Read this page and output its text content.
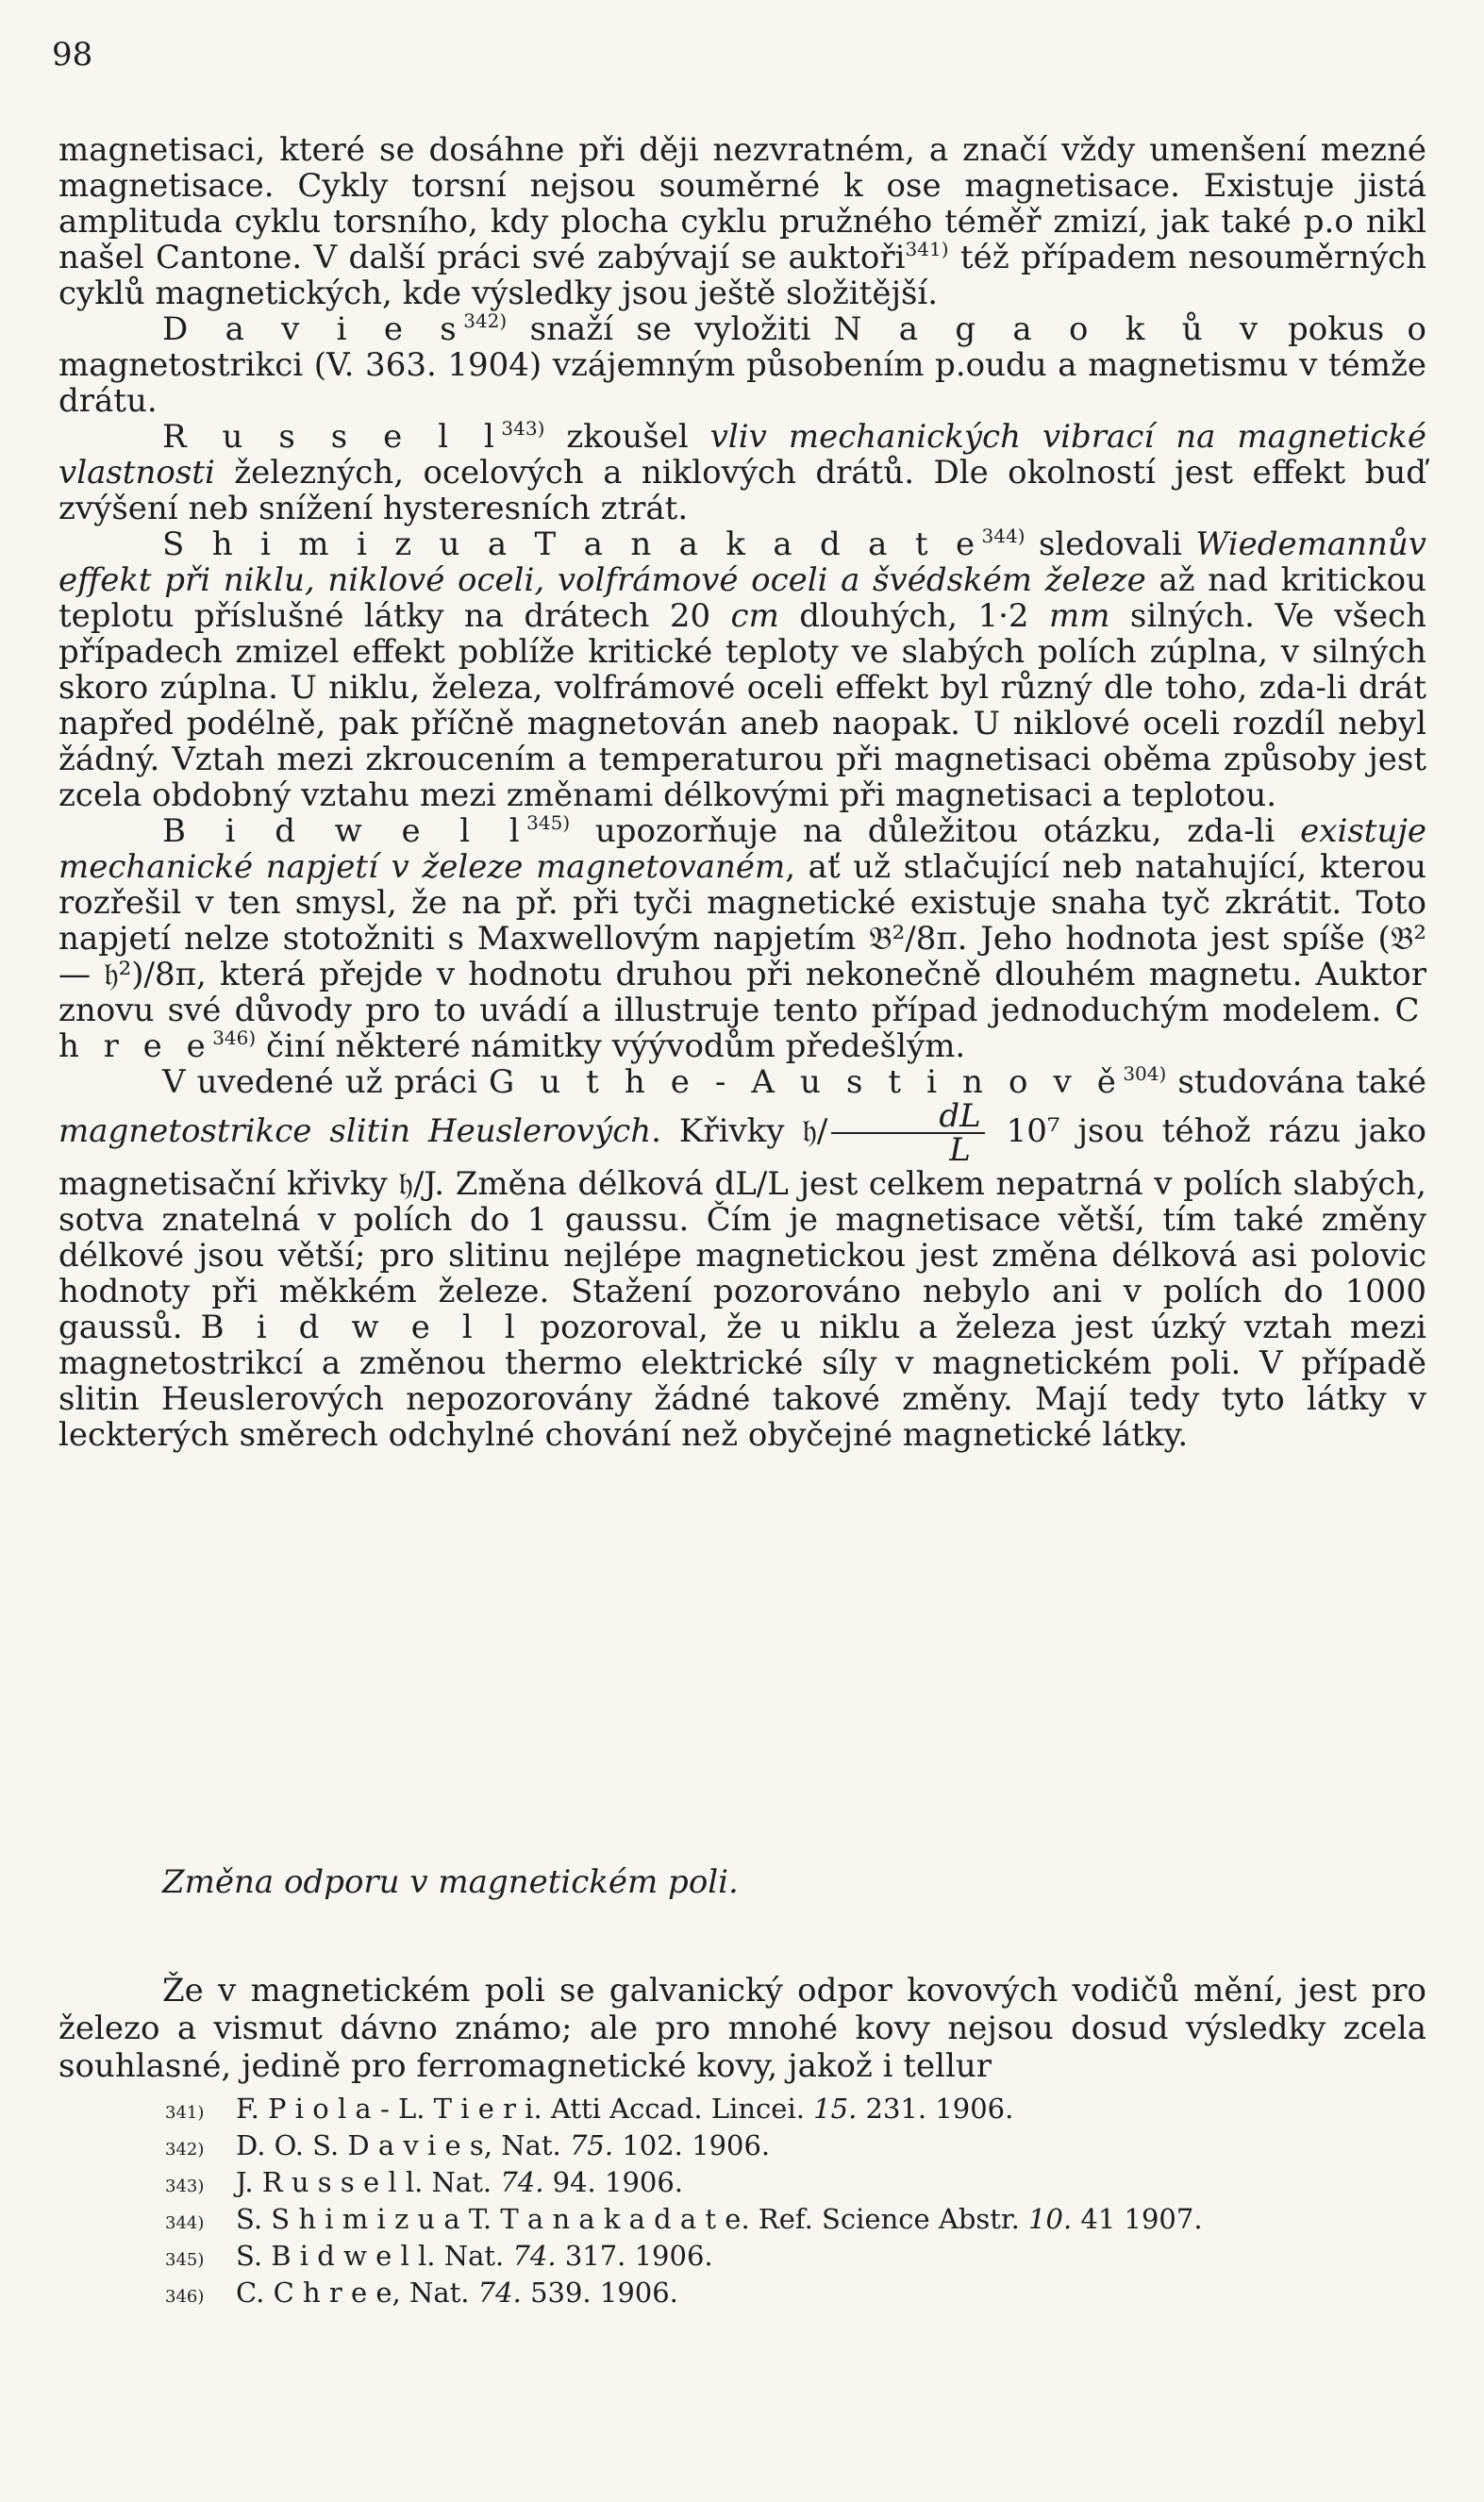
98

magnetisaci, které se dosáhne při ději nezvratném, a značí vždy umenšení mezné magnetisace. Cykly torsní nejsou souměrné k ose magnetisace. Existuje jistá amplituda cyklu torsního, kdy plocha cyklu pružného téměř zmizí, jak také p.o nikl našel Cantone. V další práci své zabývají se auktoři$^{341)}$ též případem nesouměrných cyklů magnetických, kde výsledky jsou ještě složitější.

D a v i e $s^{342)}$ snaží se vyložiti N a g a o k ů v pokus o magnetostrikci (V. 363. 1904) vzájemným působením p.oudu a magnetismu v témže drátu.

R u s s e l $l^{343)}$ zkoušel vliv mechanických vibrací na magnetické vlastnosti železných, ocelových a niklových drátů. Dle okolností jest effekt buď zvýšení neb snížení hysteresních ztrát.

S h i m i z u a T a n a k a d a t $e^{344)}$ sledovali Wiedemannův effekt při niklu, niklové oceli, volfrámové oceli a švédském železe až nad kritickou teplotu příslušné látky na drátech 20 cm dlouhých, 1·2 mm silných. Ve všech případech zmizel effekt poblíže kritické teploty ve slabých polích zúplna, v silných skoro zúplna. U niklu, železa, volfrámové oceli effekt byl různý dle toho, zda-li drát napřed podélně, pak příčně magnetován aneb naopak. U niklové oceli rozdíl nebyl žádný. Vztah mezi zkroucením a temperaturou při magnetisaci oběma způsoby jest zcela obdobný vztahu mezi změnami délkovými při magnetisaci a teplotou.

B i d w e l $l^{345)}$ upozorňuje na důležitou otázku, zda-li existuje mechanické napjetí v železe magnetovaném, ať už stlačující neb natahující, kterou rozřešil v ten smysl, že na př. při tyči magnetické existuje snaha tyč zkrátit. Toto napjetí nelze stotožniti s Maxwellovým napjetím 𝔅²/8π. Jeho hodnota jest spíše (𝔅² — 𝔥²)/8π, která přejde v hodnotu druhou při nekonečně dlouhém magnetu. Auktor znovu své důvody pro to uvádí a illustruje tento případ jednoduchým modelem. C h r e $e^{346)}$ činí některé námitky výývodům předešlým.

V uvedené už práci G u t h e - A u s t i n o v $ě^{304)}$ studována také magnetostrikce slitin Heuslerových. Křivky 𝔥/ $\frac{dL}{L} 10^7$ jsou téhož rázu jako magnetisační křivky 𝔥/J. Změna délková dL/L jest celkem nepatrná v polích slabých, sotva znatelná v polích do 1 gaussu. Čím je magnetisace větší, tím také změny délkové jsou větší; pro slitinu nejlépe magnetickou jest změna délková asi polovic hodnoty při měkkém železe. Stažení pozorováno nebylo ani v polích do 1000 gaussů. B i d w e l l pozoroval, že u niklu a železa jest úzký vztah mezi magnetostrikcí a změnou thermo elektrické síly v magnetickém poli. V případě slitin Heuslerových nepozorovány žádné takové změny. Mají tedy tyto látky v leckterých směrech odchylné chování než obyčejné magnetické látky.

Změna odporu v magnetickém poli.

Že v magnetickém poli se galvanický odpor kovových vodičů mění, jest pro železo a vismut dávno známo; ale pro mnohé kovy nejsou dosud výsledky zcela souhlasné, jedině pro ferromagnetické kovy, jakož i tellur

341)	F. P i o l a - L. T i e r i. Atti Accad. Lincei. 15. 231. 1906.
342)	D. O. S. D a v i e s, Nat. 75. 102. 1906.
343)	J. R u s s e l l. Nat. 74. 94. 1906.
344)	S. S h i m i z u a T. T a n a k a d a t e. Ref. Science Abstr. 10. 41 1907.
345)	S. B i d w e l l. Nat. 74. 317. 1906.
346)	C. C h r e e, Nat. 74. 539. 1906.
